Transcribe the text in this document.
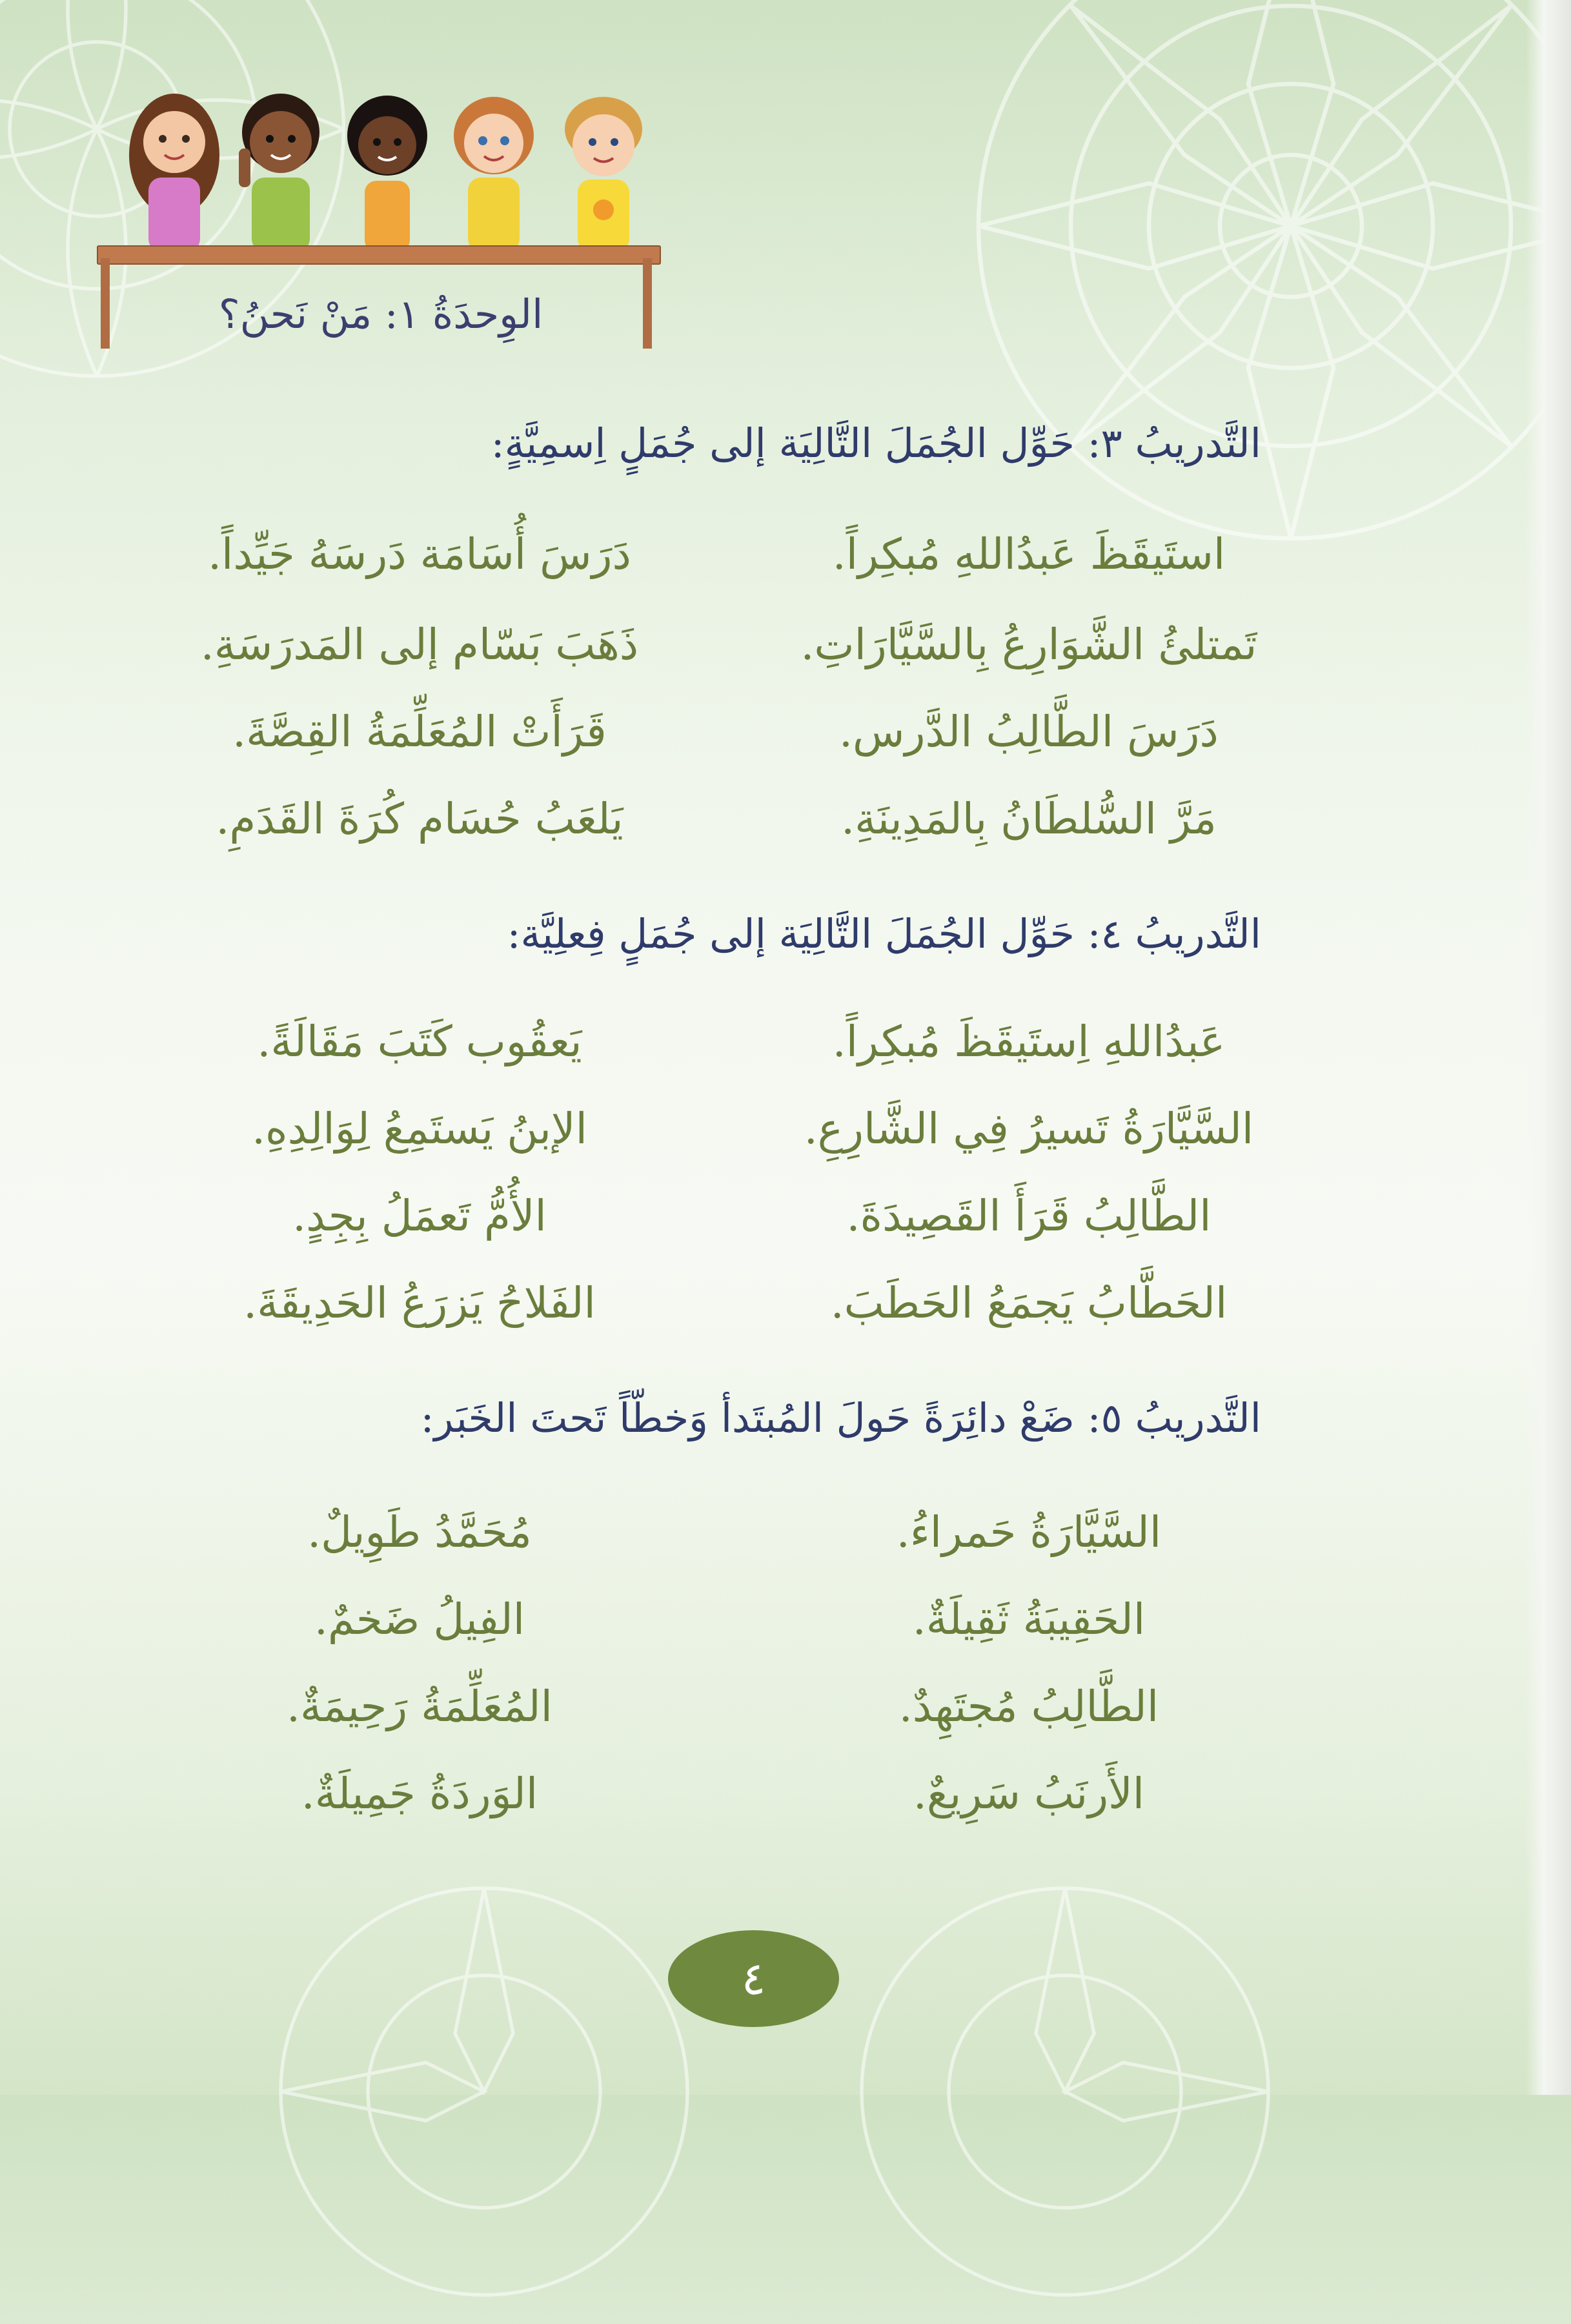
الوِحدَةُ ١: مَنْ نَحنُ؟
التَّدريبُ ٣: حَوِّل الجُمَلَ التَّالِيَة إلى جُمَلٍ اِسمِيَّةٍ:
استَيقَظَ عَبدُاللهِ مُبكِراً.
تَمتلئُ الشَّوَارِعُ بِالسَّيَّارَاتِ.
دَرَسَ الطَّالِبُ الدَّرس.
مَرَّ السُّلطَانُ بِالمَدِينَةِ.
دَرَسَ أُسَامَة دَرسَهُ جَيِّداً.
ذَهَبَ بَسّام إلى المَدرَسَةِ.
قَرَأَتْ المُعَلِّمَةُ القِصَّةَ.
يَلعَبُ حُسَام كُرَةَ القَدَمِ.
التَّدريبُ ٤: حَوِّل الجُمَلَ التَّالِيَة إلى جُمَلٍ فِعلِيَّة:
عَبدُاللهِ اِستَيقَظَ مُبكِراً.
السَّيَّارَةُ تَسيرُ فِي الشَّارِعِ.
الطَّالِبُ قَرَأَ القَصِيدَةَ.
الحَطَّابُ يَجمَعُ الحَطَبَ.
يَعقُوب كَتَبَ مَقَالَةً.
الإبنُ يَستَمِعُ لِوَالِدِهِ.
الأُمُّ تَعمَلُ بِجِدٍ.
الفَلاحُ يَزرَعُ الحَدِيقَةَ.
التَّدريبُ ٥: ضَعْ دائِرَةً حَولَ المُبتَدأ وَخطّاً تَحتَ الخَبَر:
السَّيَّارَةُ حَمراءُ.
الحَقِيبَةُ ثَقِيلَةٌ.
الطَّالِبُ مُجتَهِدٌ.
الأَرنَبُ سَرِيعٌ.
مُحَمَّدُ طَوِيلٌ.
الفِيلُ ضَخمٌ.
المُعَلِّمَةُ رَحِيمَةٌ.
الوَردَةُ جَمِيلَةٌ.
٤
